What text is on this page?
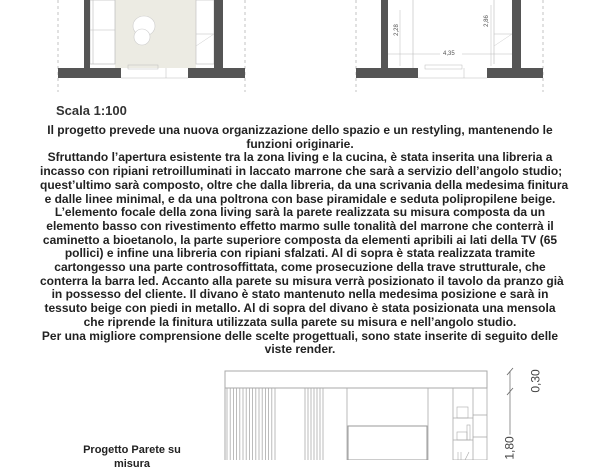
4,35
2,28
2,86
Scala 1:100
Il progetto prevede una nuova organizzazione dello spazio e un restyling, mantenendo le
funzioni originarie.
Sfruttando l’apertura esistente tra la zona living e la cucina, è stata inserita una libreria a
incasso con ripiani retroilluminati in laccato marrone che sarà a servizio dell’angolo studio;
quest’ultimo sarà composto, oltre che dalla libreria, da una scrivania della medesima finitura
e dalle linee minimal, e da una poltrona con base piramidale e seduta polipropilene beige.
L’elemento focale della zona living sarà la parete realizzata su misura composta da un
elemento basso con rivestimento effetto marmo sulle tonalità del marrone che conterrà il
caminetto a bioetanolo, la parte superiore composta da elementi apribili ai lati della TV (65
pollici) e infine una libreria con ripiani sfalzati. Al di sopra è stata realizzata tramite
cartongesso una parte controsoffittata, come prosecuzione della trave strutturale, che
conterra la barra led. Accanto alla parete su misura verrà posizionato il tavolo da pranzo già
in possesso del cliente. Il divano è stato mantenuto nella medesima posizione e sarà in
tessuto beige con piedi in metallo. Al di sopra del divano è stata posizionata una mensola
che riprende la finitura utilizzata sulla parete su misura e nell’angolo studio.
Per una migliore comprensione delle scelte progettuali, sono state inserite di seguito delle
viste render.
Progetto Parete su
misura
0,30
1,80
